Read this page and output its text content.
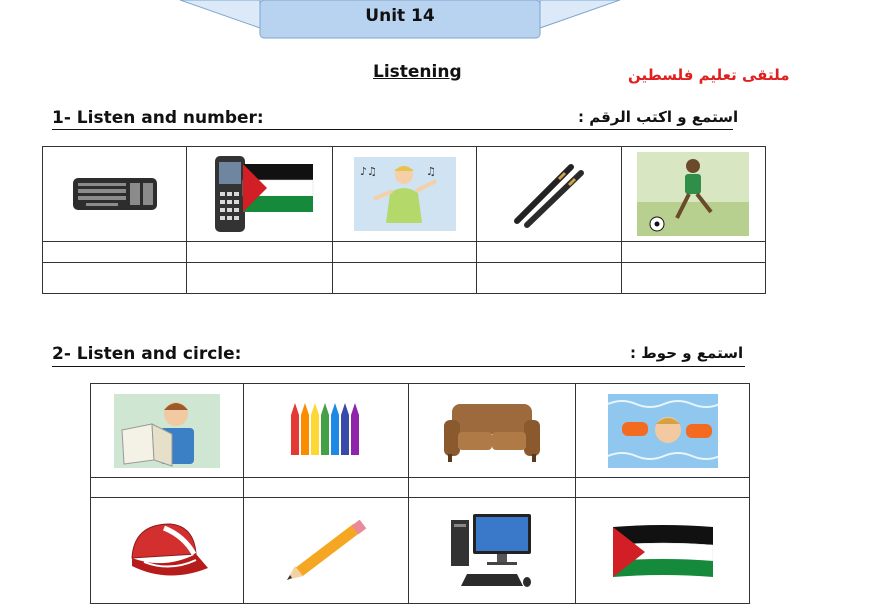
Unit 14
Listening	ملتقى تعليم فلسطين
1- Listen and number:	استمع و اكتب الرقم :

♪♫ ♫

2- Listen and circle:	استمع و حوط :
